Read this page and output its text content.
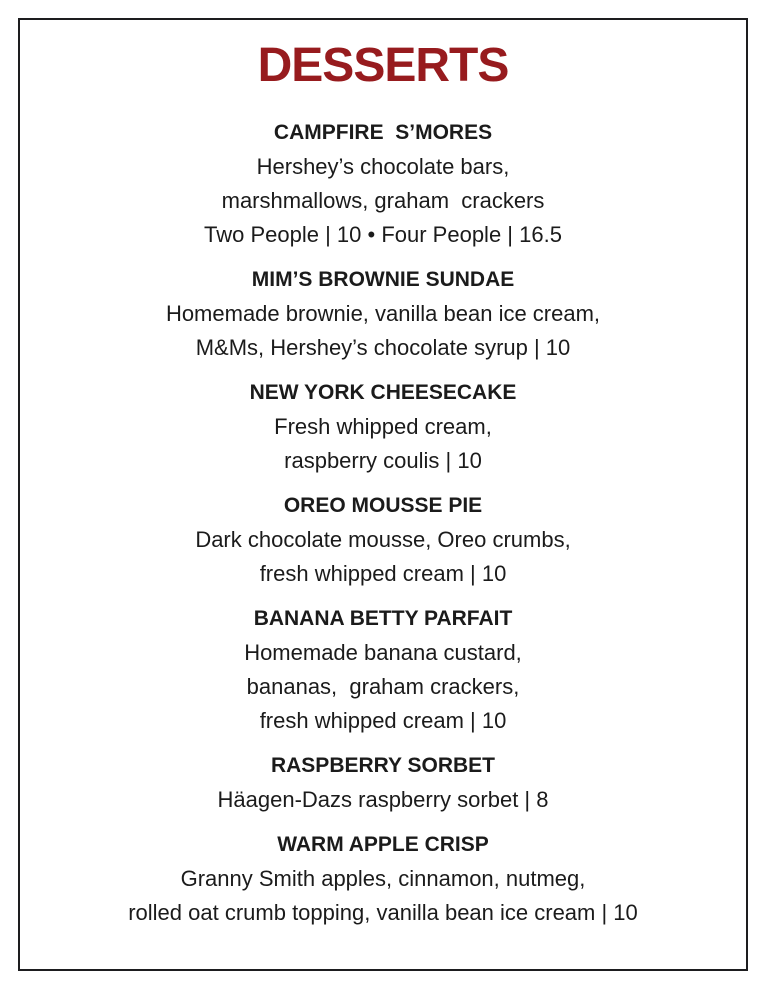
DESSERTS
CAMPFIRE  S’MORES
Hershey’s chocolate bars,
marshmallows, graham  crackers
Two People | 10 • Four People | 16.5
MIM’S BROWNIE SUNDAE
Homemade brownie, vanilla bean ice cream,
M&Ms, Hershey’s chocolate syrup | 10
NEW YORK CHEESECAKE
Fresh whipped cream,
raspberry coulis | 10
OREO MOUSSE PIE
Dark chocolate mousse, Oreo crumbs,
fresh whipped cream | 10
BANANA BETTY PARFAIT
Homemade banana custard,
bananas,  graham crackers,
fresh whipped cream | 10
RASPBERRY SORBET
Häagen-Dazs raspberry sorbet | 8
WARM APPLE CRISP
Granny Smith apples, cinnamon, nutmeg,
rolled oat crumb topping, vanilla bean ice cream | 10
